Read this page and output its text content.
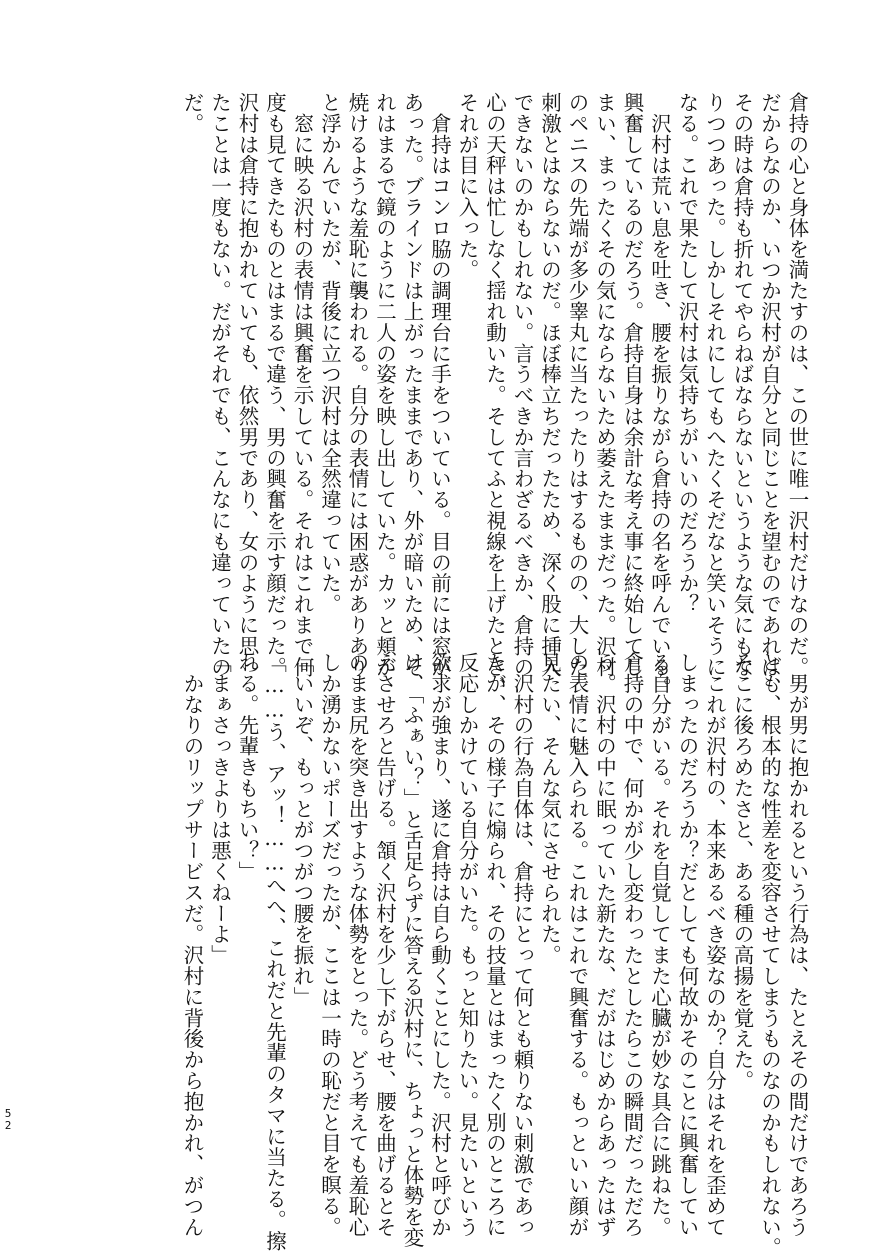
倉持の心と身体を満たすのは、この世に唯一沢村だけなのだ。
だからなのか、いつか沢村が自分と同じことを望むのであれば、
その時は倉持も折れてやらねばならないというような気にもな
りつつあった。しかしそれにしてもへたくそだなと笑いそうに
なる。これで果たして沢村は気持ちがいいのだろうか？
　沢村は荒い息を吐き、腰を振りながら倉持の名を呼んでいる。
興奮しているのだろう。倉持自身は余計な考え事に終始してし
まい、まったくその気にならないため萎えたままだった。沢村
のペニスの先端が多少睾丸に当たったりはするものの、大した
刺激とはならないのだ。ほぼ棒立ちだったため、深く股に挿入
できないのかもしれない。言うべきか言わざるべきか、倉持の
心の天秤は忙しなく揺れ動いた。そしてふと視線を上げたとき、
それが目に入った。
　倉持はコンロ脇の調理台に手をついている。目の前には窓が
あった。ブラインドは上がったままであり、外が暗いため、そ
れはまるで鏡のように二人の姿を映し出していた。カッと頬が
焼けるような羞恥に襲われる。自分の表情には困惑がありあり
と浮かんでいたが、背後に立つ沢村は全然違っていた。
　窓に映る沢村の表情は興奮を示している。それはこれまで何
度も見てきたものとはまるで違う、男の興奮を示す顔だった。
沢村は倉持に抱かれていても、依然男であり、女のように思っ
たことは一度もない。だがそれでも、こんなにも違っていたの
だ。
　男が男に抱かれるという行為は、たとえその間だけであろう
とも、根本的な性差を変容させてしまうものなのかもしれない。
そこに後ろめたさと、ある種の高揚を覚えた。
　これが沢村の、本来あるべき姿なのか？自分はそれを歪めて
しまったのだろうか？だとしても何故かそのことに興奮してい
る自分がいる。それを自覚してまた心臓が妙な具合に跳ねた。
倉持の中で、何かが少し変わったとしたらこの瞬間だっただろ
う。沢村の中に眠っていた新たな、だがはじめからあったはず
の表情に魅入られる。これはこれで興奮する。もっといい顔が
見たい、そんな気にさせられた。
　沢村の行為自体は、倉持にとって何とも頼りない刺激であっ
たが、その様子に煽られ、その技量とはまったく別のところに
反応しかけている自分がいた。もっと知りたい。見たいという
欲求が強まり、遂に倉持は自ら動くことにした。沢村と呼びか
け、「ふぁい？」と舌足らずに答える沢村に、ちょっと体勢を変
えさせろと告げる。頷く沢村を少し下がらせ、腰を曲げるとそ
のまま尻を突き出すような体勢をとった。どう考えても羞恥心
しか湧かないポーズだったが、ここは一時の恥だと目を瞑る。
「いいぞ、もっとがつがつ腰を振れ」
「……う、アッ！……へへ、これだと先輩のタマに当たる。擦
れる。先輩きもちい？」
「まぁさっきよりは悪くねーよ」
　かなりのリップサービスだ。沢村に背後から抱かれ、がつん
5
2
